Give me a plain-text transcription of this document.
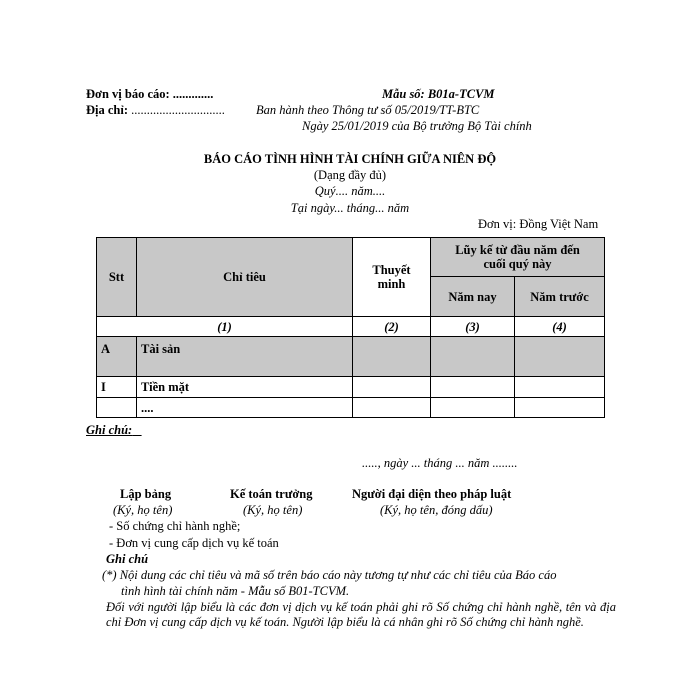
Đơn vị báo cáo: .............	Mẫu số: B01a-TCVM
Địa chỉ: .............................. Ban hành theo Thông tư số 05/2019/TT-BTC
Ngày 25/01/2019 của Bộ trưởng Bộ Tài chính
BÁO CÁO TÌNH HÌNH TÀI CHÍNH GIỮA NIÊN ĐỘ
(Dạng đầy đủ)
Quý.... năm....
Tại ngày... tháng... năm
Đơn vị: Đồng Việt Nam
Stt	Chỉ tiêu	Thuyết minh	Lũy kế từ đầu năm đến cuối quý này	
			Năm nay	Năm trước
(1)		(2)	(3)	(4)
A	Tài sản			
I	Tiền mặt			
	....			
Ghi chú:
....., ngày ... tháng ... năm ........
Lập bảng
(Ký, họ tên)
Kế toán trưởng
(Ký, họ tên)
Người đại diện theo pháp luật
(Ký, họ tên, đóng dấu)
- Số chứng chỉ hành nghề;
- Đơn vị cung cấp dịch vụ kế toán
Ghi chú
(*) Nội dung các chỉ tiêu và mã số trên báo cáo này tương tự như các chỉ tiêu của Báo cáo
tình hình tài chính năm - Mẫu số B01-TCVM.
Đối với người lập biểu là các đơn vị dịch vụ kế toán phải ghi rõ Số chứng chỉ hành nghề, tên và địa chỉ Đơn vị cung cấp dịch vụ kế toán. Người lập biểu là cá nhân ghi rõ Số chứng chỉ hành nghề.
